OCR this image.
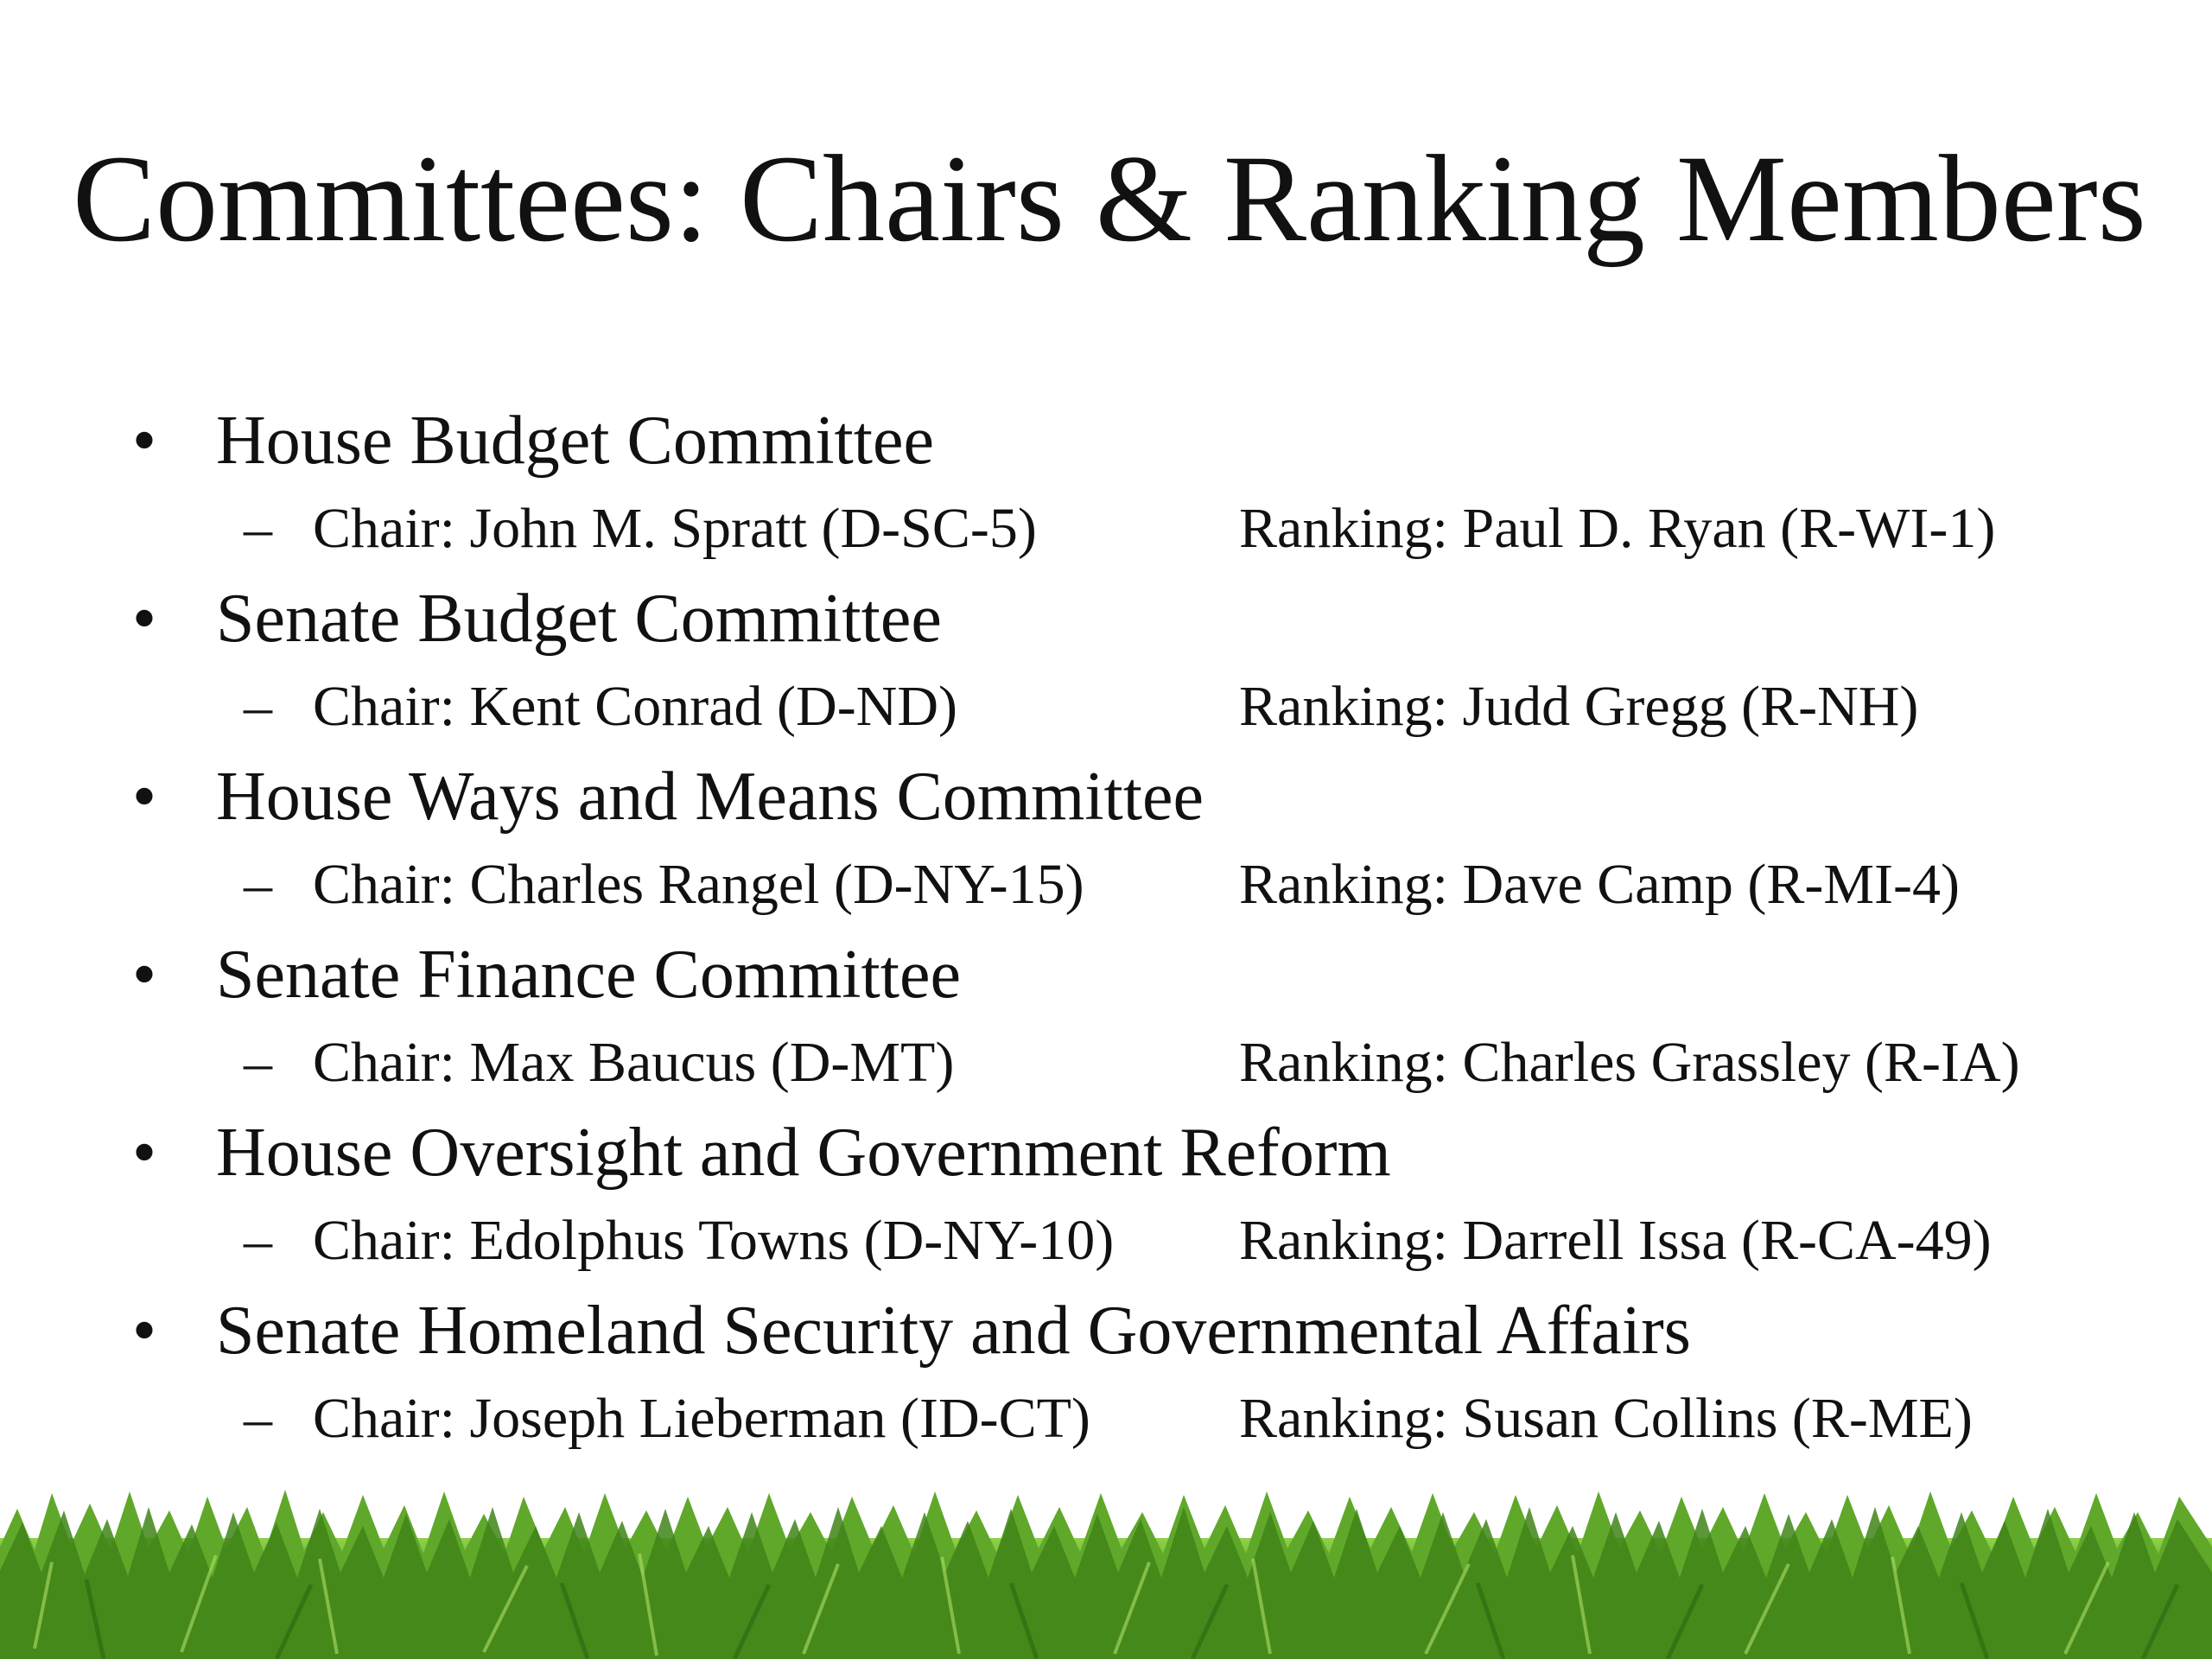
Committees: Chairs & Ranking Members
• House Budget Committee
– Chair: John M. Spratt (D-SC-5)	Ranking: Paul D. Ryan (R-WI-1)
• Senate Budget Committee
– Chair: Kent Conrad (D-ND)	Ranking: Judd Gregg (R-NH)
• House Ways and Means Committee
– Chair: Charles Rangel (D-NY-15)	Ranking: Dave Camp (R-MI-4)
• Senate Finance Committee
– Chair: Max Baucus (D-MT)	Ranking: Charles Grassley (R-IA)
• House Oversight and Government Reform
– Chair: Edolphus Towns (D-NY-10) Ranking: Darrell Issa (R-CA-49)
• Senate Homeland Security and Governmental Affairs
– Chair: Joseph Lieberman (ID-CT)	Ranking: Susan Collins (R-ME)
